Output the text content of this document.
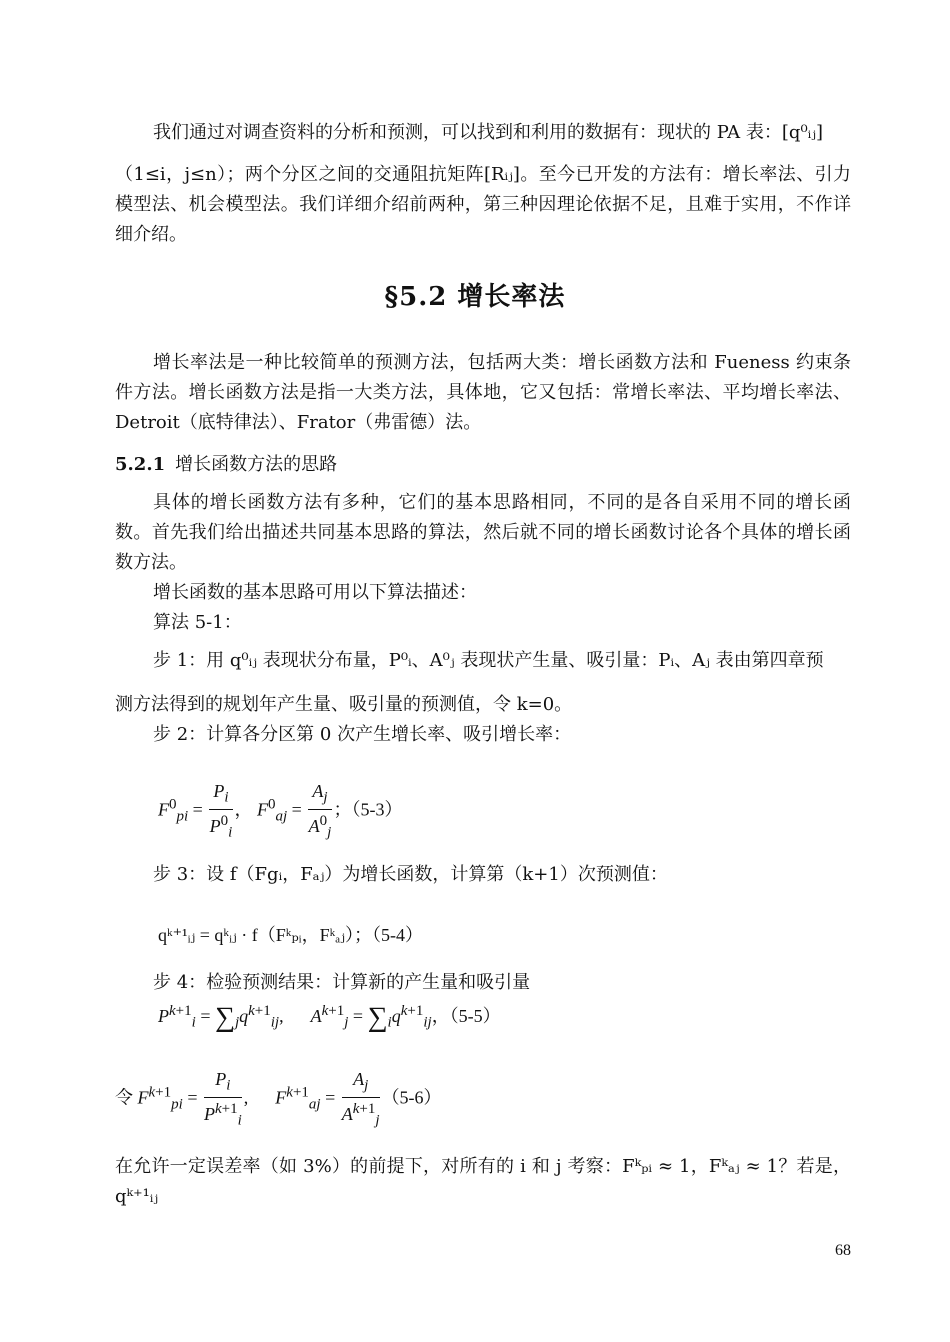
我们通过对调查资料的分析和预测，可以找到和利用的数据有：现状的 PA 表：[q⁰ᵢⱼ]

（1≤i，j≤n）；两个分区之间的交通阻抗矩阵[Rᵢⱼ]。至今已开发的方法有：增长率法、引力模型法、机会模型法。我们详细介绍前两种，第三种因理论依据不足，且难于实用，不作详细介绍。

§5.2 增长率法

增长率法是一种比较简单的预测方法，包括两大类：增长函数方法和 Fueness 约束条件方法。增长函数方法是指一大类方法，具体地，它又包括：常增长率法、平均增长率法、Detroit（底特律法）、Frator（弗雷德）法。

5.2.1 增长函数方法的思路

具体的增长函数方法有多种，它们的基本思路相同，不同的是各自采用不同的增长函数。首先我们给出描述共同基本思路的算法，然后就不同的增长函数讨论各个具体的增长函数方法。

增长函数的基本思路可用以下算法描述：

算法 5-1：

步 1：用 q⁰ᵢⱼ 表现状分布量，P⁰ᵢ、A⁰ⱼ 表现状产生量、吸引量：Pᵢ、Aⱼ 表由第四章预

测方法得到的规划年产生量、吸引量的预测值，令 k=0。

步 2：计算各分区第 0 次产生增长率、吸引增长率：

$F^0_{pi} = \frac{P_i}{P^0_i}$ ， $F^0_{aj} = \frac{A_j}{A^0_j}$ ；（5-3）

步 3：设 f（Fgᵢ，Fₐⱼ）为增长函数，计算第（k+1）次预测值：

qᵏ⁺¹ᵢⱼ = qᵏᵢⱼ · f（Fᵏₚᵢ，Fᵏₐⱼ）；（5-4）

步 4：检验预测结果：计算新的产生量和吸引量

$P^{k+1}_i = \sum_jq^{k+1}_{ij}$,      $A^{k+1}_j = \sum_iq^{k+1}_{ij}$，（5-5）
令 $F^{k+1}_{pi} = \frac{P_i}{P^{k+1}_i}$ ,      $F^{k+1}_{aj} = \frac{A_j}{A^{k+1}_j} (5-6)$

在允许一定误差率（如 3%）的前提下，对所有的 i 和 j 考察：Fᵏₚᵢ ≈ 1，Fᵏₐⱼ ≈ 1？若是，qᵏ⁺¹ᵢⱼ

68
